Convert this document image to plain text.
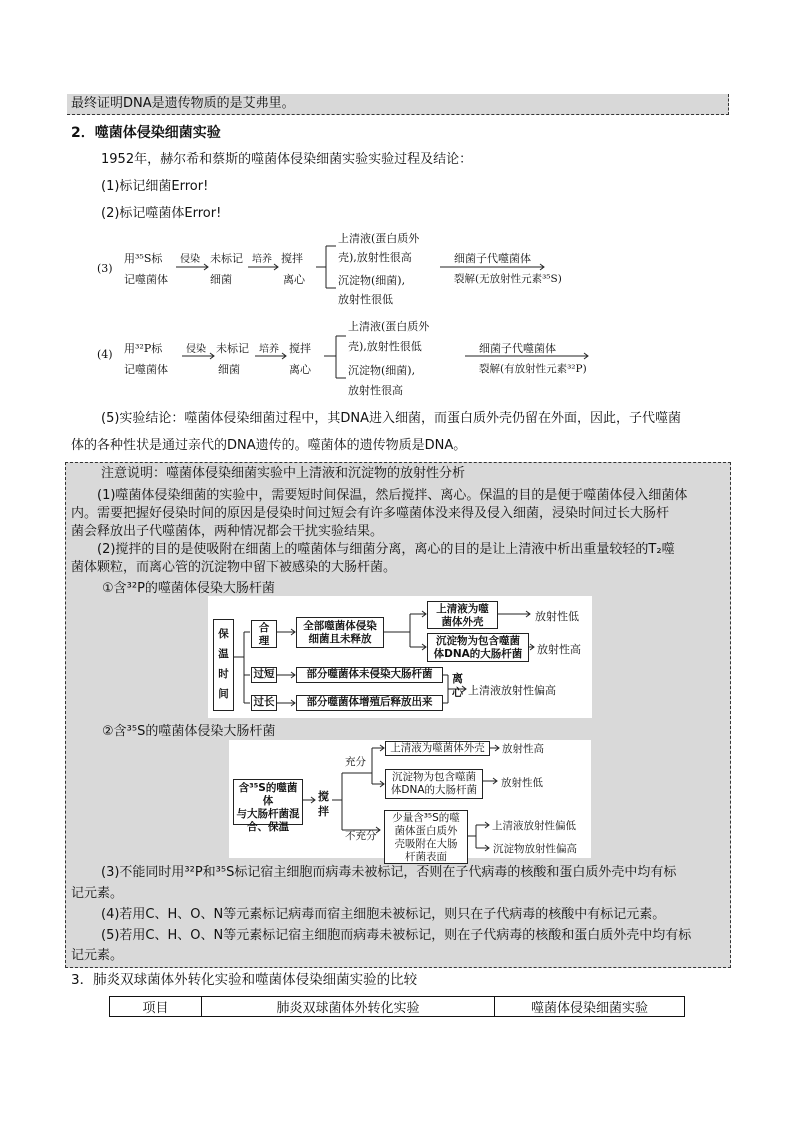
最终证明DNA是遗传物质的是艾弗里。
2．噬菌体侵染细菌实验
1952年，赫尔希和蔡斯的噬菌体侵染细菌实验实验过程及结论：
(1)标记细菌Error!
(2)标记噬菌体Error!
(3)
用³⁵S标
记噬菌体
侵染 未标记
细菌
培养 搅拌
离心
上清液(蛋白质外
壳),放射性很高
沉淀物(细菌),
放射性很低
细菌子代噬菌体
裂解(无放射性元素³⁵S)
(4) 用³²P标
记噬菌体
侵染 未标记
细菌
培养 搅拌
离心
上清液(蛋白质外
壳),放射性很低
沉淀物(细菌),
放射性很高
细菌子代噬菌体
裂解(有放射性元素³²P)
(5)实验结论：噬菌体侵染细菌过程中，其DNA进入细菌，而蛋白质外壳仍留在外面，因此，子代噬菌
体的各种性状是通过亲代的DNA遗传的。噬菌体的遗传物质是DNA。
注意说明：噬菌体侵染细菌实验中上清液和沉淀物的放射性分析
(1)噬菌体侵染细菌的实验中，需要短时间保温，然后搅拌、离心。保温的目的是便于噬菌体侵入细菌体
内。需要把握好侵染时间的原因是侵染时间过短会有许多噬菌体没来得及侵入细菌，浸染时间过长大肠杆
菌会释放出子代噬菌体，两种情况都会干扰实验结果。
(2)搅拌的目的是使吸附在细菌上的噬菌体与细菌分离，离心的目的是让上清液中析出重量较轻的T₂噬
菌体颗粒，而离心管的沉淀物中留下被感染的大肠杆菌。
①含³²P的噬菌体侵染大肠杆菌
保
温
时
间
合
理
全部噬菌体侵染
细菌且未释放
上清液为噬
菌体外壳
沉淀物为包含噬菌
体DNA的大肠杆菌
放射性低
放射性高
过短
过长
部分噬菌体未侵染大肠杆菌
部分噬菌体增殖后释放出来
离
心 上清液放射性偏高
②含³⁵S的噬菌体侵染大肠杆菌
含³⁵S的噬菌体
与大肠杆菌混
合、保温
搅
拌
充分
不充分
上清液为噬菌体外壳
沉淀物为包含噬菌
体DNA的大肠杆菌
少量含³⁵S的噬
菌体蛋白质外
壳吸附在大肠
杆菌表面
放射性高
放射性低
上清液放射性偏低
沉淀物放射性偏高
(3)不能同时用³²P和³⁵S标记宿主细胞而病毒未被标记，否则在子代病毒的核酸和蛋白质外壳中均有标
记元素。
(4)若用C、H、O、N等元素标记病毒而宿主细胞未被标记，则只在子代病毒的核酸中有标记元素。
(5)若用C、H、O、N等元素标记宿主细胞而病毒未被标记，则在子代病毒的核酸和蛋白质外壳中均有标
记元素。
3．肺炎双球菌体外转化实验和噬菌体侵染细菌实验的比较
项目	肺炎双球菌体外转化实验	噬菌体侵染细菌实验
